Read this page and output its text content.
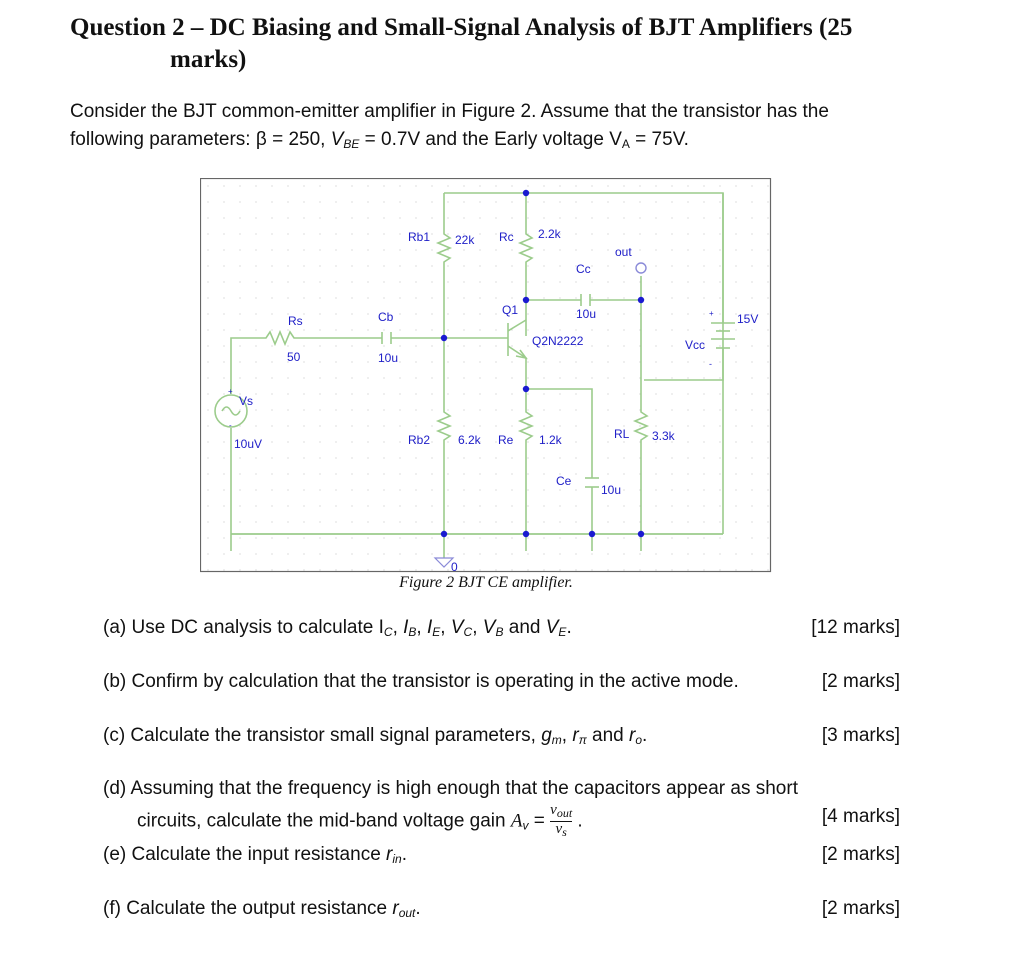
Question 2 – DC Biasing and Small-Signal Analysis of BJT Amplifiers (25
marks)
Consider the BJT common-emitter amplifier in Figure 2. Assume that the transistor has the
following parameters: β = 250, $V_{BE} = 0.7V$ and the Early voltage $V_A = 75V$.
Rb1 22k Rc 2.2k
out
Cc
10u
Q1
Q2N2222
Rs
50
Cb
10u
+
-
15V
Vcc
Vs
+
-
10uV	Rb2 6.2k Re 1.2k	RL 3.3k
Ce
10u
0
Figure 2 BJT CE amplifier.
(a) Use DC analysis to calculate $I_C$, $I_B$, $I_E$, $V_C$, $V_B$ and $V_E$.	[12 marks]
(b) Confirm by calculation that the transistor is operating in the active mode.	[2 marks]
(c) Calculate the transistor small signal parameters, $g_m$, $r_\pi$ and $r_o$.	[3 marks]
(d) Assuming that the frequency is high enough that the capacitors appear as short
circuits, calculate the mid-band voltage gain $A_v = \frac{v_{out}}{v_s}$ .	[4 marks]
(e) Calculate the input resistance $r_{in}$.	[2 marks]
(f) Calculate the output resistance $r_{out}$.	[2 marks]
